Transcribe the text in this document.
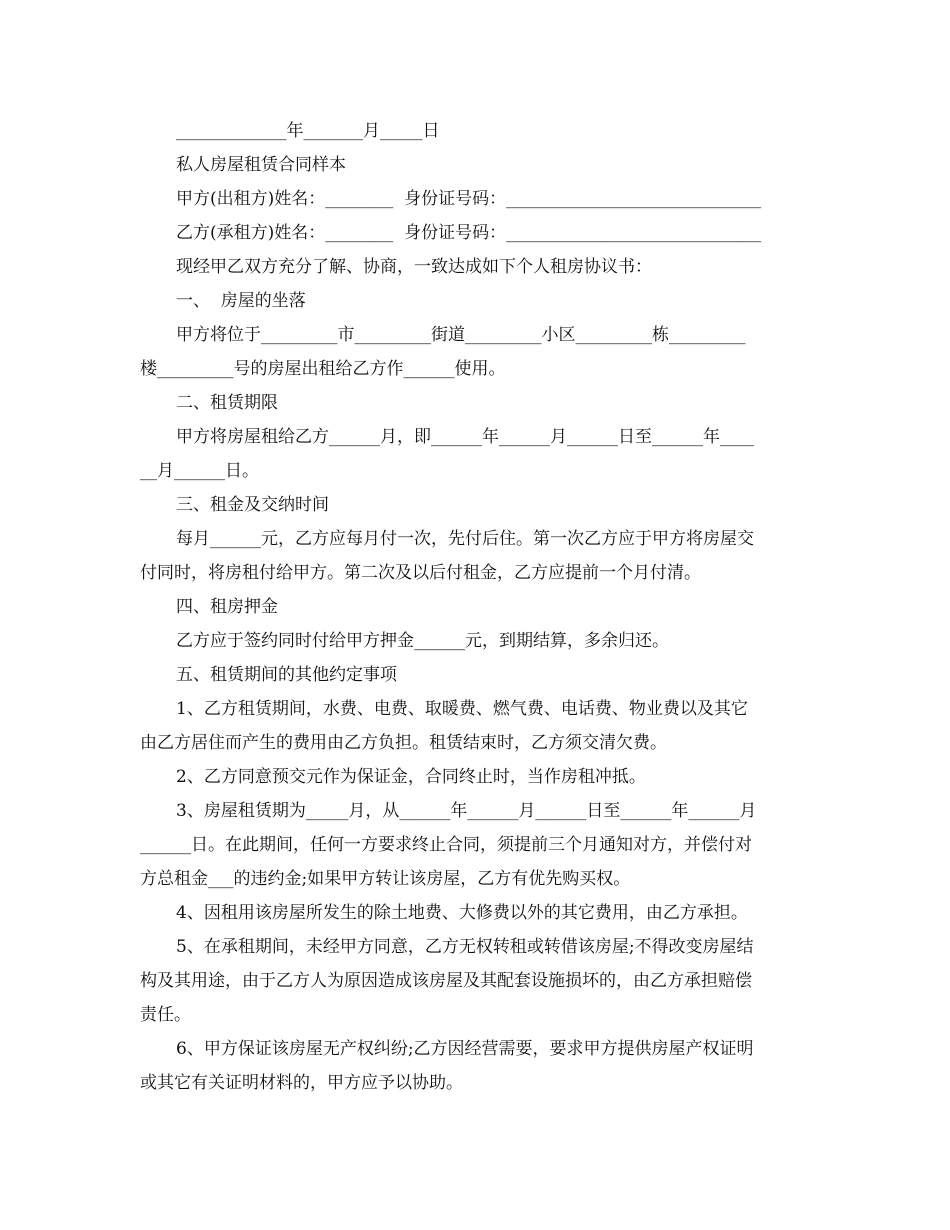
_____________年_______月_____日
私人房屋租赁合同样本
甲方(出租方)姓名：________  身份证号码：______________________________
乙方(承租方)姓名：________  身份证号码：______________________________
现经甲乙双方充分了解、协商，一致达成如下个人租房协议书：
一、  房屋的坐落
甲方将位于_________市_________街道_________小区_________栋_________
楼_________号的房屋出租给乙方作______使用。
二、租赁期限
甲方将房屋租给乙方______月，即______年______月______日至______年____
__月______日。
三、租金及交纳时间
每月______元，乙方应每月付一次，先付后住。第一次乙方应于甲方将房屋交
付同时，将房租付给甲方。第二次及以后付租金，乙方应提前一个月付清。
四、租房押金
乙方应于签约同时付给甲方押金______元，到期结算，多余归还。
五、租赁期间的其他约定事项
1、乙方租赁期间，水费、电费、取暖费、燃气费、电话费、物业费以及其它
由乙方居住而产生的费用由乙方负担。租赁结束时，乙方须交清欠费。
2、乙方同意预交元作为保证金，合同终止时，当作房租冲抵。
3、房屋租赁期为_____月，从______年______月______日至______年______月
______日。在此期间，任何一方要求终止合同，须提前三个月通知对方，并偿付对
方总租金___的违约金;如果甲方转让该房屋，乙方有优先购买权。
4、因租用该房屋所发生的除土地费、大修费以外的其它费用，由乙方承担。
5、在承租期间，未经甲方同意，乙方无权转租或转借该房屋;不得改变房屋结
构及其用途，由于乙方人为原因造成该房屋及其配套设施损坏的，由乙方承担赔偿
责任。
6、甲方保证该房屋无产权纠纷;乙方因经营需要，要求甲方提供房屋产权证明
或其它有关证明材料的，甲方应予以协助。
